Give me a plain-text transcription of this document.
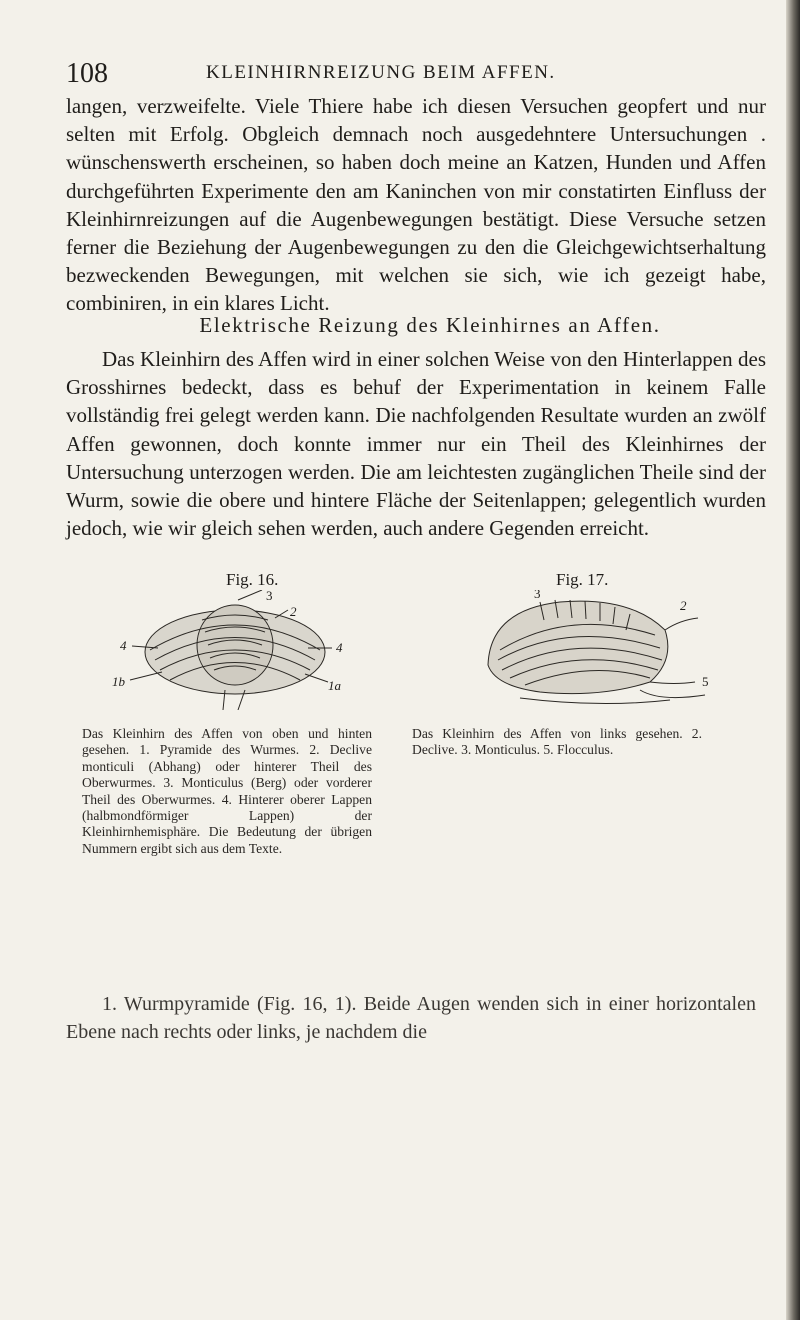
108	KLEINHIRNREIZUNG BEIM AFFEN.

langen, verzweifelte. Viele Thiere habe ich diesen Versuchen geopfert und nur selten mit Erfolg. Obgleich demnach noch ausgedehntere Untersuchungen . wünschenswerth erscheinen, so haben doch meine an Katzen, Hunden und Affen durchgeführten Experimente den am Kaninchen von mir constatirten Einfluss der Kleinhirnreizungen auf die Augenbewegungen bestätigt. Diese Versuche setzen ferner die Beziehung der Augenbewegungen zu den die Gleichgewichtserhaltung bezweckenden Bewegungen, mit welchen sie sich, wie ich gezeigt habe, combiniren, in ein klares Licht.

Elektrische Reizung des Kleinhirnes an Affen.

Das Kleinhirn des Affen wird in einer solchen Weise von den Hinterlappen des Grosshirnes bedeckt, dass es behuf der Experimentation in keinem Falle vollständig frei gelegt werden kann. Die nachfolgenden Resultate wurden an zwölf Affen gewonnen, doch konnte immer nur ein Theil des Kleinhirnes der Untersuchung unterzogen werden. Die am leichtesten zugänglichen Theile sind der Wurm, sowie die obere und hintere Fläche der Seitenlappen; gelegentlich wurden jedoch, wie wir gleich sehen werden, auch andere Gegenden erreicht.

Fig. 16.
3
2
4	4
1b	1a
Fig. 17.
3
2
5
Das Kleinhirn des Affen von oben und hinten gesehen. 1. Pyramide des Wurmes. 2. Declive monticuli (Abhang) oder hinterer Theil des Oberwurmes. 3. Monticulus (Berg) oder vorderer Theil des Oberwurmes. 4. Hinterer oberer Lappen (halbmondförmiger Lappen) der Kleinhirnhemisphäre. Die Bedeutung der übrigen Nummern ergibt sich aus dem Texte.
Das Kleinhirn des Affen von links gesehen. 2. Declive. 3. Monticulus. 5. Flocculus.

1. Wurmpyramide (Fig. 16, 1). Beide Augen wenden sich in einer horizontalen Ebene nach rechts oder links, je nachdem die
